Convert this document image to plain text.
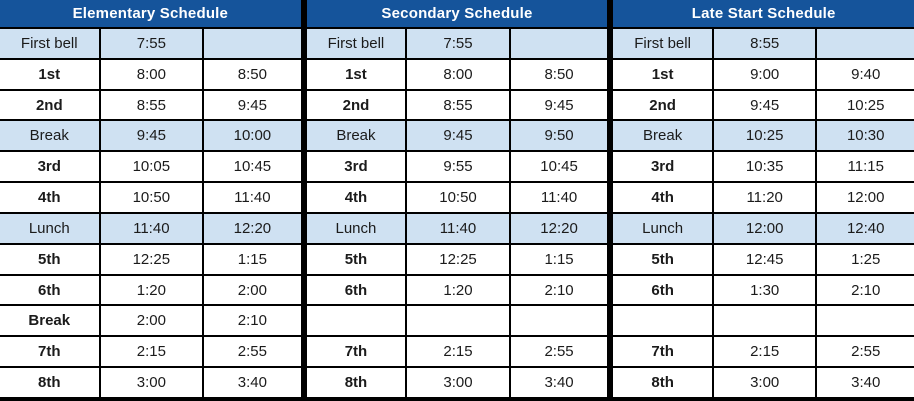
Elementary Schedule
First bell	7:55
1st	8:00	8:50
2nd	8:55	9:45
Break	9:45	10:00
3rd	10:05	10:45
4th	10:50	11:40
Lunch	11:40	12:20
5th	12:25	1:15
6th	1:20	2:00
Break	2:00	2:10
7th	2:15	2:55
8th	3:00	3:40
Secondary Schedule
First bell	7:55
1st	8:00	8:50
2nd	8:55	9:45
Break	9:45	9:50
3rd	9:55	10:45
4th	10:50	11:40
Lunch	11:40	12:20
5th	12:25	1:15
6th	1:20	2:10
7th	2:15	2:55
8th	3:00	3:40
Late Start Schedule
First bell	8:55
1st	9:00	9:40
2nd	9:45	10:25
Break	10:25	10:30
3rd	10:35	11:15
4th	11:20	12:00
Lunch	12:00	12:40
5th	12:45	1:25
6th	1:30	2:10
7th	2:15	2:55
8th	3:00	3:40
